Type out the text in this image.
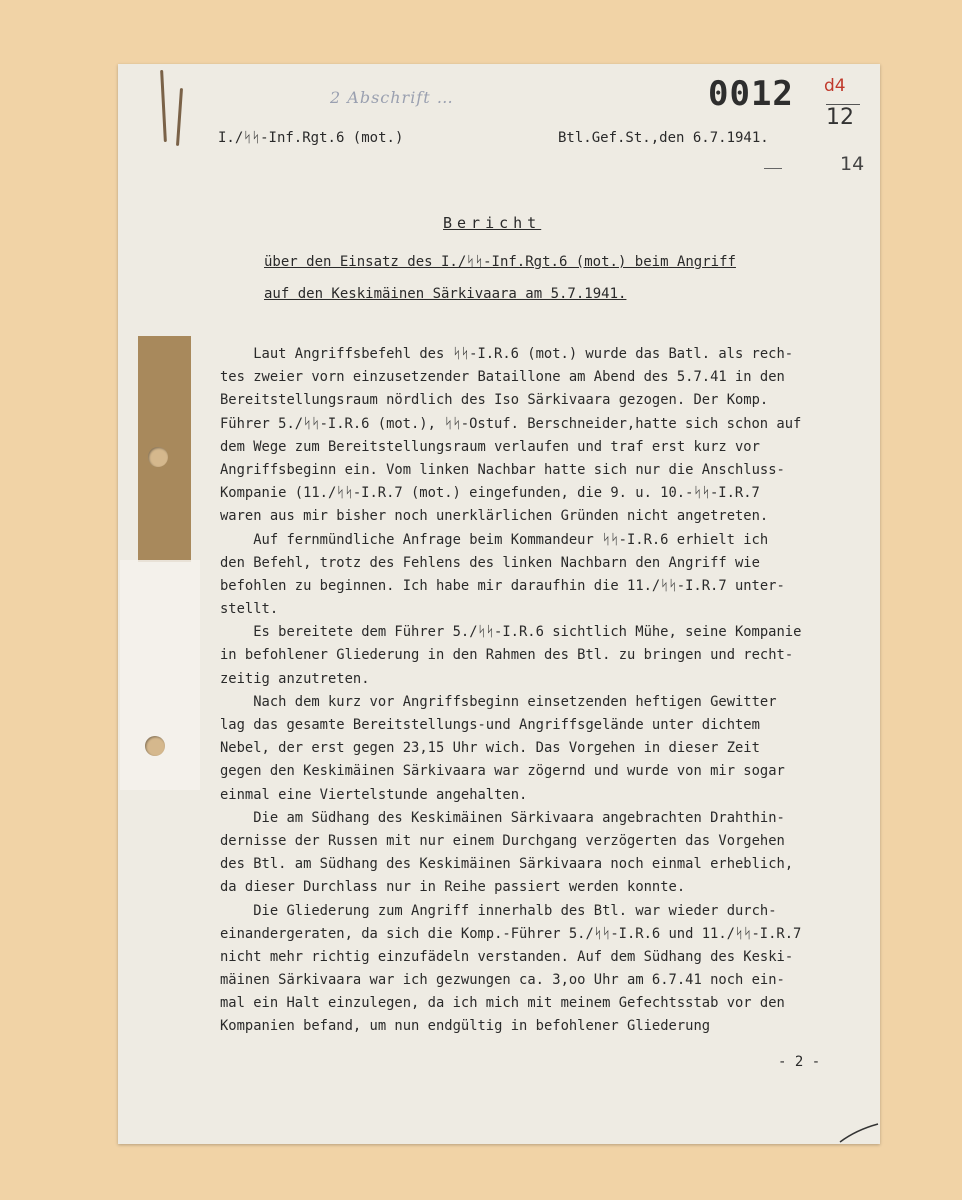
2 Abschrift …	0012 d4
12
14
I./ᛋᛋ-Inf.Rgt.6 (mot.)	Btl.Gef.St.,den 6.7.1941.
Bericht
über den Einsatz des I./ᛋᛋ-Inf.Rgt.6 (mot.) beim Angriff
auf den Keskimäinen Särkivaara am 5.7.1941.
Laut Angriffsbefehl des ᛋᛋ-I.R.6 (mot.) wurde das Batl. als rech-
tes zweier vorn einzusetzender Bataillone am Abend des 5.7.41 in den
Bereitstellungsraum nördlich des Iso Särkivaara gezogen. Der Komp.
Führer 5./ᛋᛋ-I.R.6 (mot.), ᛋᛋ-Ostuf. Berschneider,hatte sich schon auf
dem Wege zum Bereitstellungsraum verlaufen und traf erst kurz vor
Angriffsbeginn ein. Vom linken Nachbar hatte sich nur die Anschluss-
Kompanie (11./ᛋᛋ-I.R.7 (mot.) eingefunden, die 9. u. 10.-ᛋᛋ-I.R.7
waren aus mir bisher noch unerklärlichen Gründen nicht angetreten.
Auf fernmündliche Anfrage beim Kommandeur ᛋᛋ-I.R.6 erhielt ich
den Befehl, trotz des Fehlens des linken Nachbarn den Angriff wie
befohlen zu beginnen. Ich habe mir daraufhin die 11./ᛋᛋ-I.R.7 unter-
stellt.
Es bereitete dem Führer 5./ᛋᛋ-I.R.6 sichtlich Mühe, seine Kompanie
in befohlener Gliederung in den Rahmen des Btl. zu bringen und recht-
zeitig anzutreten.
Nach dem kurz vor Angriffsbeginn einsetzenden heftigen Gewitter
lag das gesamte Bereitstellungs-und Angriffsgelände unter dichtem
Nebel, der erst gegen 23,15 Uhr wich. Das Vorgehen in dieser Zeit
gegen den Keskimäinen Särkivaara war zögernd und wurde von mir sogar
einmal eine Viertelstunde angehalten.
Die am Südhang des Keskimäinen Särkivaara angebrachten Drahthin-
dernisse der Russen mit nur einem Durchgang verzögerten das Vorgehen
des Btl. am Südhang des Keskimäinen Särkivaara noch einmal erheblich,
da dieser Durchlass nur in Reihe passiert werden konnte.
Die Gliederung zum Angriff innerhalb des Btl. war wieder durch-
einandergeraten, da sich die Komp.-Führer 5./ᛋᛋ-I.R.6 und 11./ᛋᛋ-I.R.7
nicht mehr richtig einzufädeln verstanden. Auf dem Südhang des Keski-
mäinen Särkivaara war ich gezwungen ca. 3,oo Uhr am 6.7.41 noch ein-
mal ein Halt einzulegen, da ich mich mit meinem Gefechtsstab vor den
Kompanien befand, um nun endgültig in befohlener Gliederung
- 2 -
